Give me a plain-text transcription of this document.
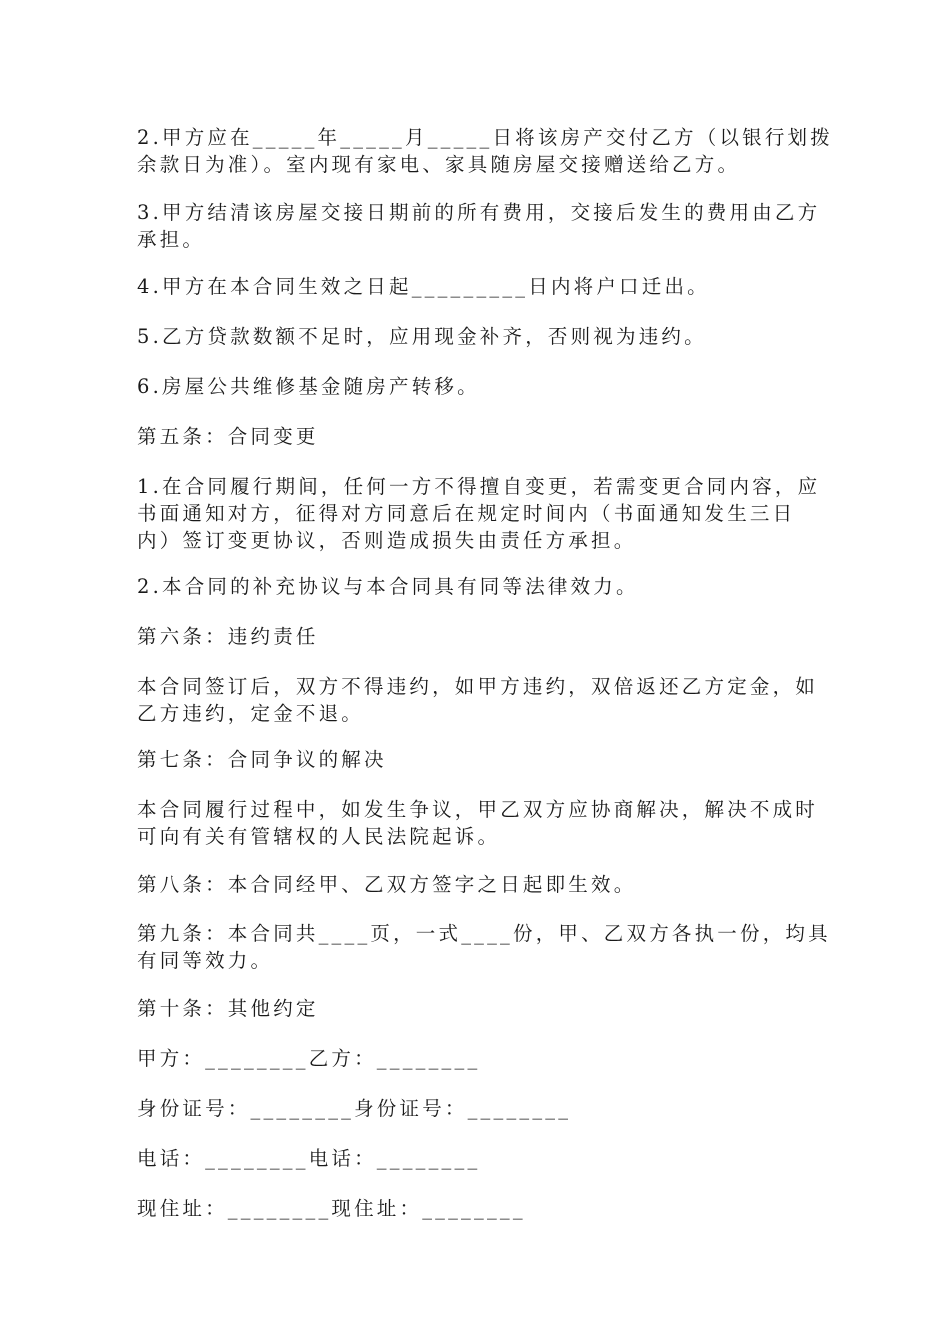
2.甲方应在_____年_____月_____日将该房产交付乙方（以银行划拨
余款日为准）。室内现有家电、家具随房屋交接赠送给乙方。
3.甲方结清该房屋交接日期前的所有费用，交接后发生的费用由乙方
承担。
4.甲方在本合同生效之日起_________日内将户口迁出。
5.乙方贷款数额不足时，应用现金补齐，否则视为违约。
6.房屋公共维修基金随房产转移。
第五条：合同变更
1.在合同履行期间，任何一方不得擅自变更，若需变更合同内容，应
书面通知对方，征得对方同意后在规定时间内（书面通知发生三日
内）签订变更协议，否则造成损失由责任方承担。
2.本合同的补充协议与本合同具有同等法律效力。
第六条：违约责任
本合同签订后，双方不得违约，如甲方违约，双倍返还乙方定金，如
乙方违约，定金不退。
第七条：合同争议的解决
本合同履行过程中，如发生争议，甲乙双方应协商解决，解决不成时
可向有关有管辖权的人民法院起诉。
第八条：本合同经甲、乙双方签字之日起即生效。
第九条：本合同共____页，一式____份，甲、乙双方各执一份，均具
有同等效力。
第十条：其他约定
甲方：________乙方：________
身份证号：________身份证号：________
电话：________电话：________
现住址：________现住址：________
